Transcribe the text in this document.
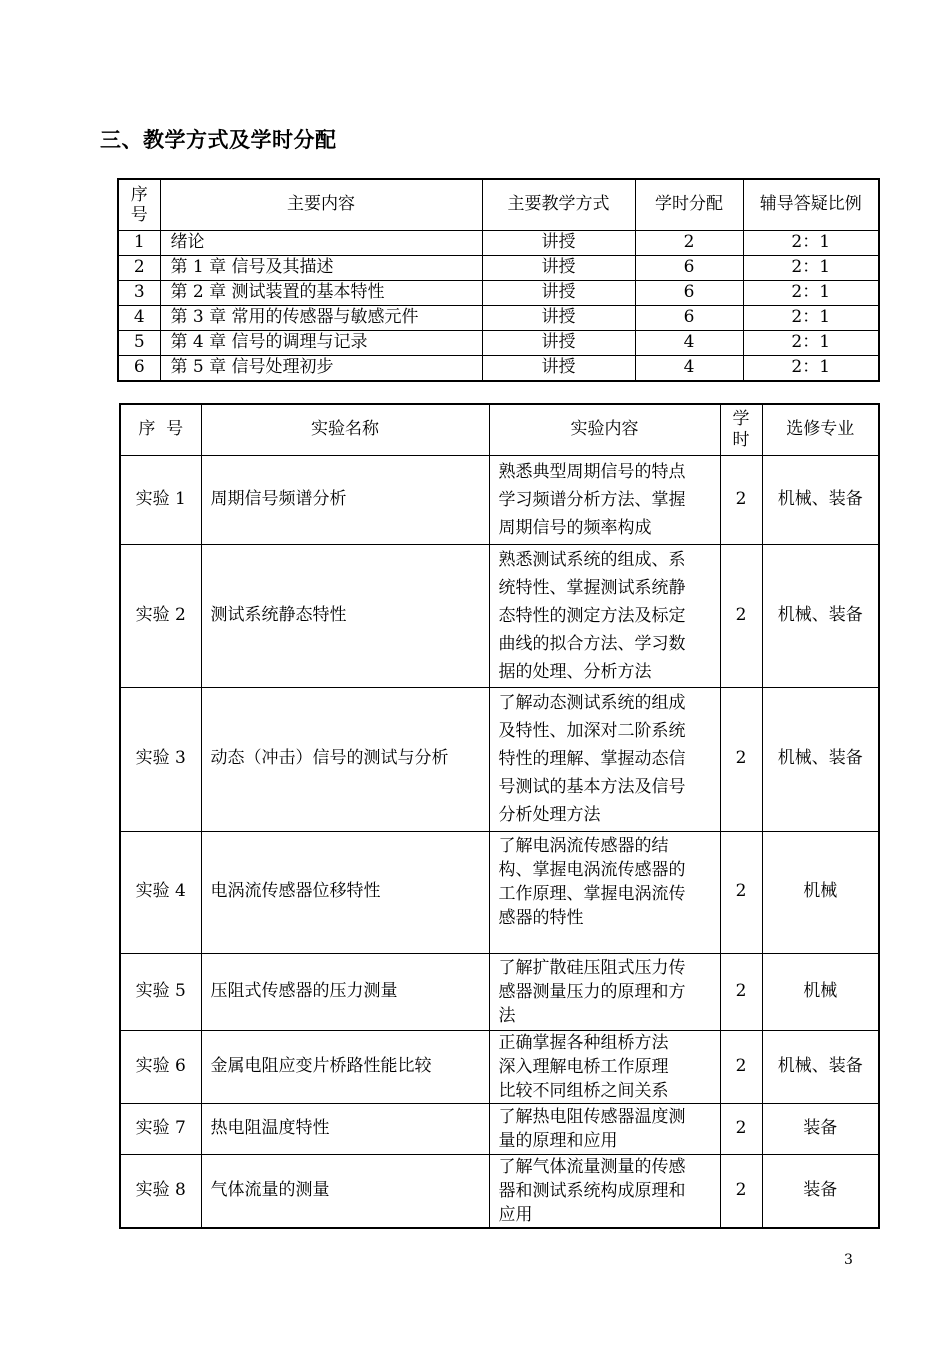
三、教学方式及学时分配
序
号	主要内容	主要教学方式	学时分配	辅导答疑比例
1	绪论	讲授	2	2：1
2	第 1 章 信号及其描述	讲授	6	2：1
3	第 2 章 测试装置的基本特性	讲授	6	2：1
4	第 3 章 常用的传感器与敏感元件	讲授	6	2：1
5	第 4 章 信号的调理与记录	讲授	4	2：1
6	第 5 章 信号处理初步	讲授	4	2：1
序  号	实验名称	实验内容	学
时	选修专业
实验 1	周期信号频谱分析	熟悉典型周期信号的特点
学习频谱分析方法、掌握
周期信号的频率构成	2	机械、装备
实验 2	测试系统静态特性	熟悉测试系统的组成、系
统特性、掌握测试系统静
态特性的测定方法及标定
曲线的拟合方法、学习数
据的处理、分析方法	2	机械、装备
实验 3	动态（冲击）信号的测试与分析	了解动态测试系统的组成
及特性、加深对二阶系统
特性的理解、掌握动态信
号测试的基本方法及信号
分析处理方法	2	机械、装备
实验 4	电涡流传感器位移特性	了解电涡流传感器的结
构、掌握电涡流传感器的
工作原理、掌握电涡流传
感器的特性	2	机械
实验 5	压阻式传感器的压力测量	了解扩散硅压阻式压力传
感器测量压力的原理和方
法	2	机械
实验 6	金属电阻应变片桥路性能比较	正确掌握各种组桥方法
深入理解电桥工作原理
比较不同组桥之间关系	2	机械、装备
实验 7	热电阻温度特性	了解热电阻传感器温度测
量的原理和应用	2	装备
实验 8	气体流量的测量	了解气体流量测量的传感
器和测试系统构成原理和
应用	2	装备
3
